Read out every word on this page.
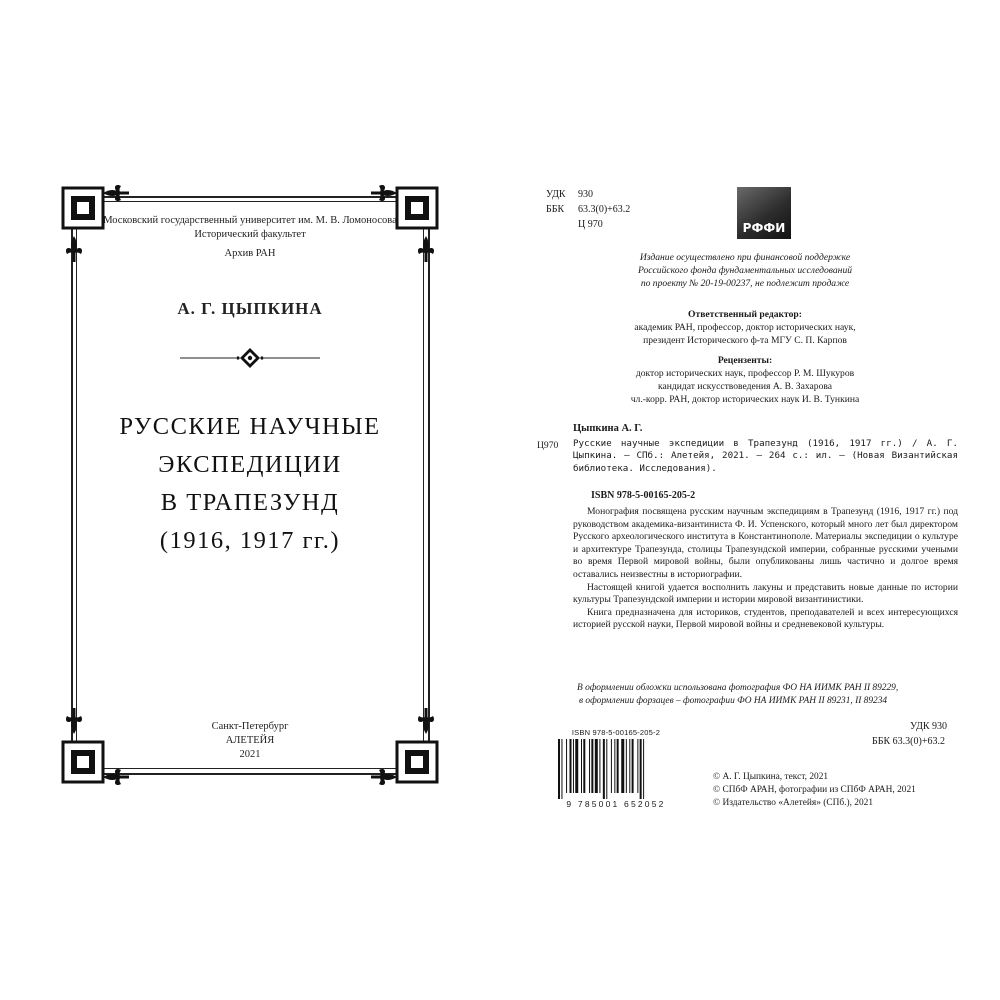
Московский государственный университет им. М. В. Ломоносова
Исторический факультет
Архив РАН
А. Г. ЦЫПКИНА
РУССКИЕ НАУЧНЫЕ
ЭКСПЕДИЦИИ
В ТРАПЕЗУНД
(1916, 1917 гг.)
Санкт-Петербург
АЛЕТЕЙЯ
2021
УДК 930
ББК 63.3(0)+63.2
Ц 970	РФФИ
Издание осуществлено при финансовой поддержке
Российского фонда фундаментальных исследований
по проекту № 20-19-00237, не подлежит продаже
Ответственный редактор:
академик РАН, профессор, доктор исторических наук,
президент Исторического ф-та МГУ С. П. Карпов
Рецензенты:
доктор исторических наук, профессор Р. М. Шукуров
кандидат искусствоведения А. В. Захарова
чл.-корр. РАН, доктор исторических наук И. В. Тункина
Цыпкина А. Г.
Ц970 Русские научные экспедиции в Трапезунд (1916, 1917 гг.) / А. Г. Цыпкина. – СПб.: Алетейя, 2021. – 264 с.: ил. – (Новая Византийская библиотека. Исследования).
ISBN 978-5-00165-205-2

Монография посвящена русским научным экспедициям в Трапезунд (1916, 1917 гг.) под руководством академика-византиниста Ф. И. Успенского, который много лет был директором Русского археологического института в Константинополе. Материалы экспедиции о культуре и архитектуре Трапезунда, столицы Трапезундской империи, собранные русскими учеными во время Первой мировой войны, были опубликованы лишь частично и долгое время оставались неизвестны в историографии.

Настоящей книгой удается восполнить лакуны и представить новые данные по истории культуры Трапезундской империи и истории мировой византинистики.

Книга предназначена для историков, студентов, преподавателей и всех интересующихся историей русской науки, Первой мировой войны и средневековой культуры.

В оформлении обложки использована фотография ФО НА ИИМК РАН II 89229,
в оформлении форзацев – фотографии ФО НА ИИМК РАН II 89231, II 89234
УДК 930
ББК 63.3(0)+63.2
ISBN 978-5-00165-205-2
9 785001 652052
© А. Г. Цыпкина, текст, 2021
© СПбФ АРАН, фотографии из СПбФ АРАН, 2021
© Издательство «Алетейя» (СПб.), 2021
